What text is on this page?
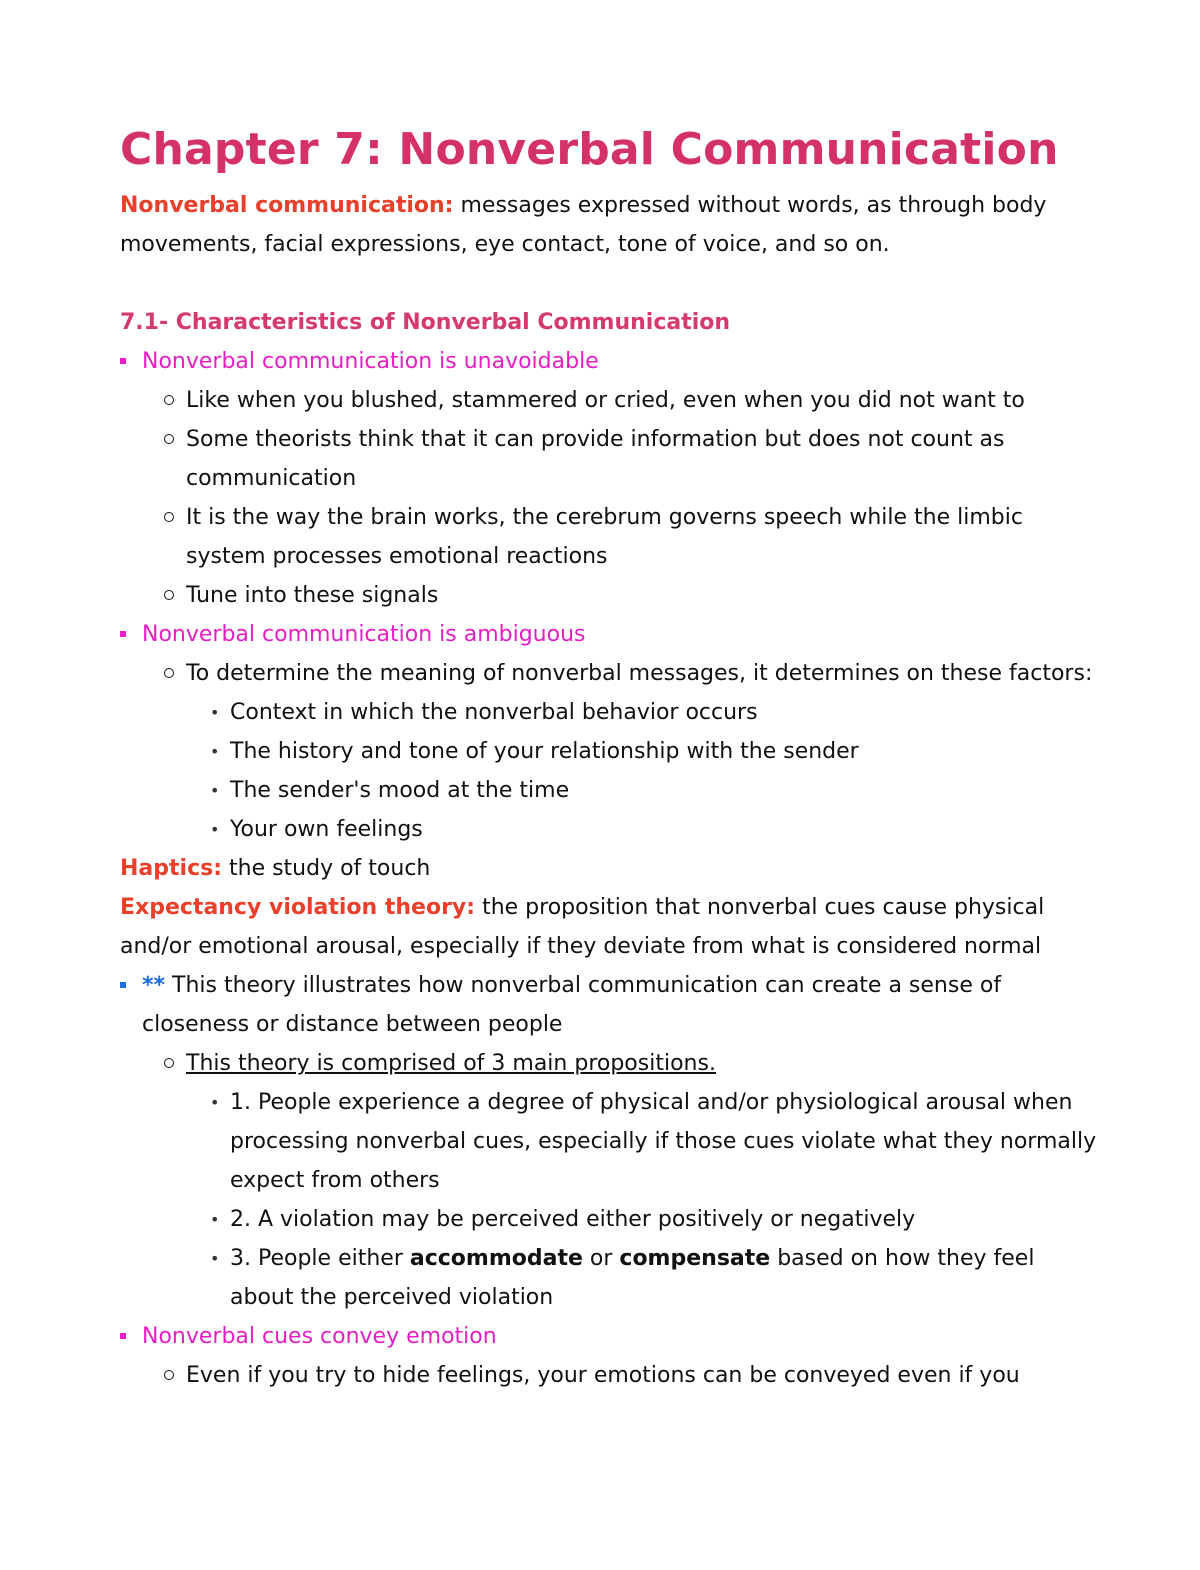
Chapter 7: Nonverbal Communication

Nonverbal communication: messages expressed without words, as through body movements, facial expressions, eye contact, tone of voice, and so on.

7.1- Characteristics of Nonverbal Communication
Nonverbal communication is unavoidable
Like when you blushed, stammered or cried, even when you did not want to
Some theorists think that it can provide information but does not count as communication
It is the way the brain works, the cerebrum governs speech while the limbic system processes emotional reactions
Tune into these signals
Nonverbal communication is ambiguous
To determine the meaning of nonverbal messages, it determines on these factors:
• Context in which the nonverbal behavior occurs
• The history and tone of your relationship with the sender
• The sender's mood at the time
• Your own feelings

Haptics: the study of touch

Expectancy violation theory: the proposition that nonverbal cues cause physical and/or emotional arousal, especially if they deviate from what is considered normal

** This theory illustrates how nonverbal communication can create a sense of closeness or distance between people
This theory is comprised of 3 main propositions.
• 1. People experience a degree of physical and/or physiological arousal when processing nonverbal cues, especially if those cues violate what they normally expect from others
• 2. A violation may be perceived either positively or negatively
• 3. People either accommodate or compensate based on how they feel about the perceived violation
Nonverbal cues convey emotion
Even if you try to hide feelings, your emotions can be conveyed even if you
